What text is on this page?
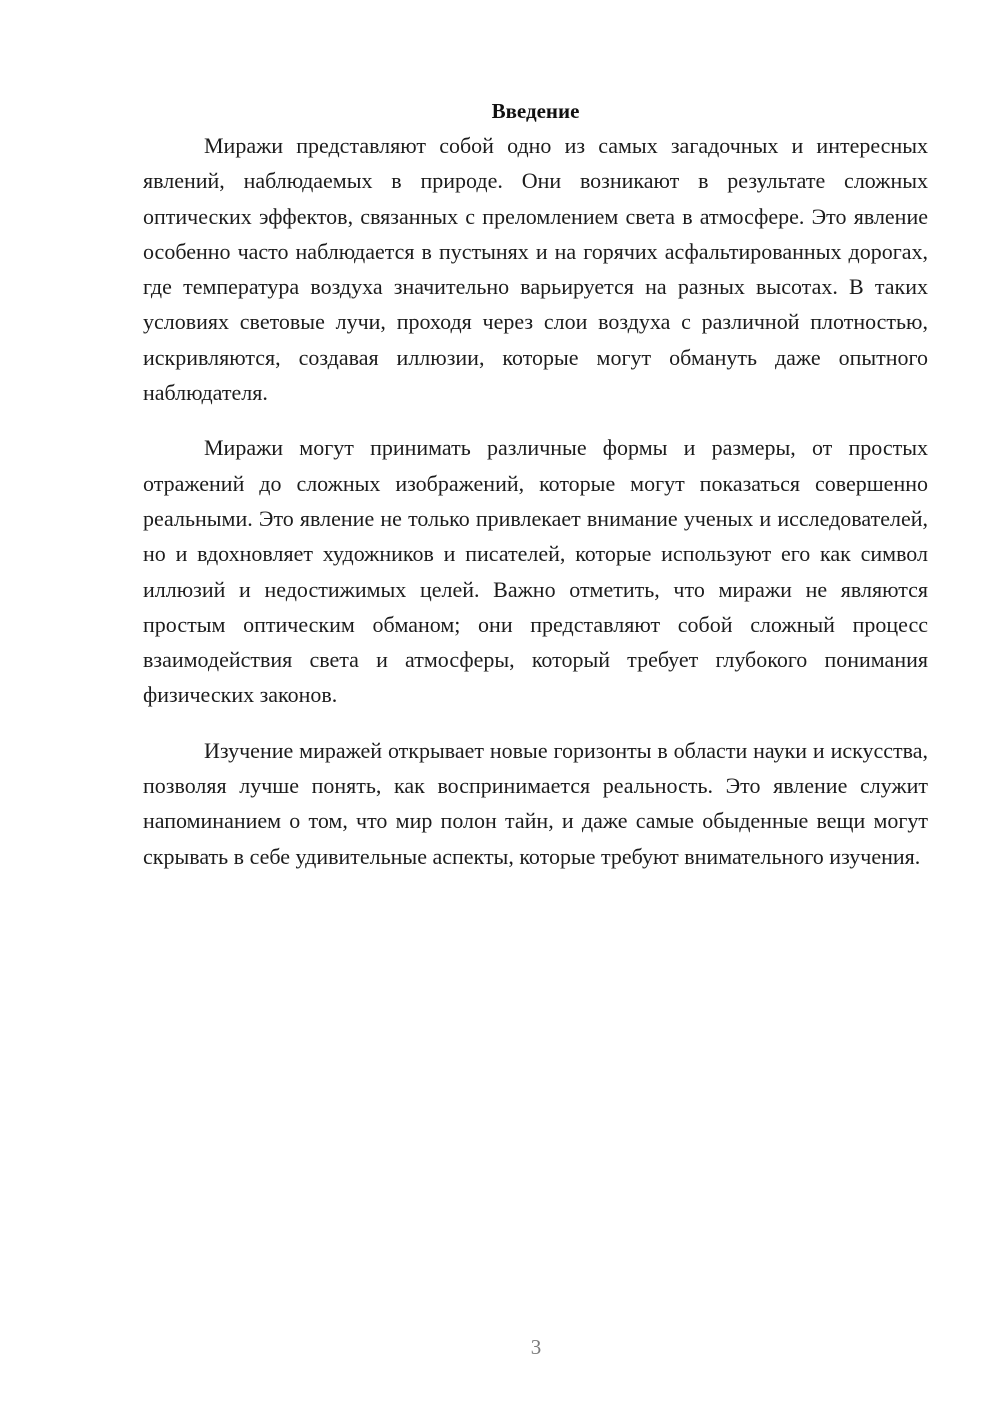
Введение

Миражи представляют собой одно из самых загадочных и интересных явлений, наблюдаемых в природе. Они возникают в результате сложных оптических эффектов, связанных с преломлением света в атмосфере. Это явление особенно часто наблюдается в пустынях и на горячих асфальтированных дорогах, где температура воздуха значительно варьируется на разных высотах. В таких условиях световые лучи, проходя через слои воздуха с различной плотностью, искривляются, создавая иллюзии, которые могут обмануть даже опытного наблюдателя.

Миражи могут принимать различные формы и размеры, от простых отражений до сложных изображений, которые могут показаться совершенно реальными. Это явление не только привлекает внимание ученых и исследователей, но и вдохновляет художников и писателей, которые используют его как символ иллюзий и недостижимых целей. Важно отметить, что миражи не являются простым оптическим обманом; они представляют собой сложный процесс взаимодействия света и атмосферы, который требует глубокого понимания физических законов.

Изучение миражей открывает новые горизонты в области науки и искусства, позволяя лучше понять, как воспринимается реальность. Это явление служит напоминанием о том, что мир полон тайн, и даже самые обыденные вещи могут скрывать в себе удивительные аспекты, которые требуют внимательного изучения.

3
